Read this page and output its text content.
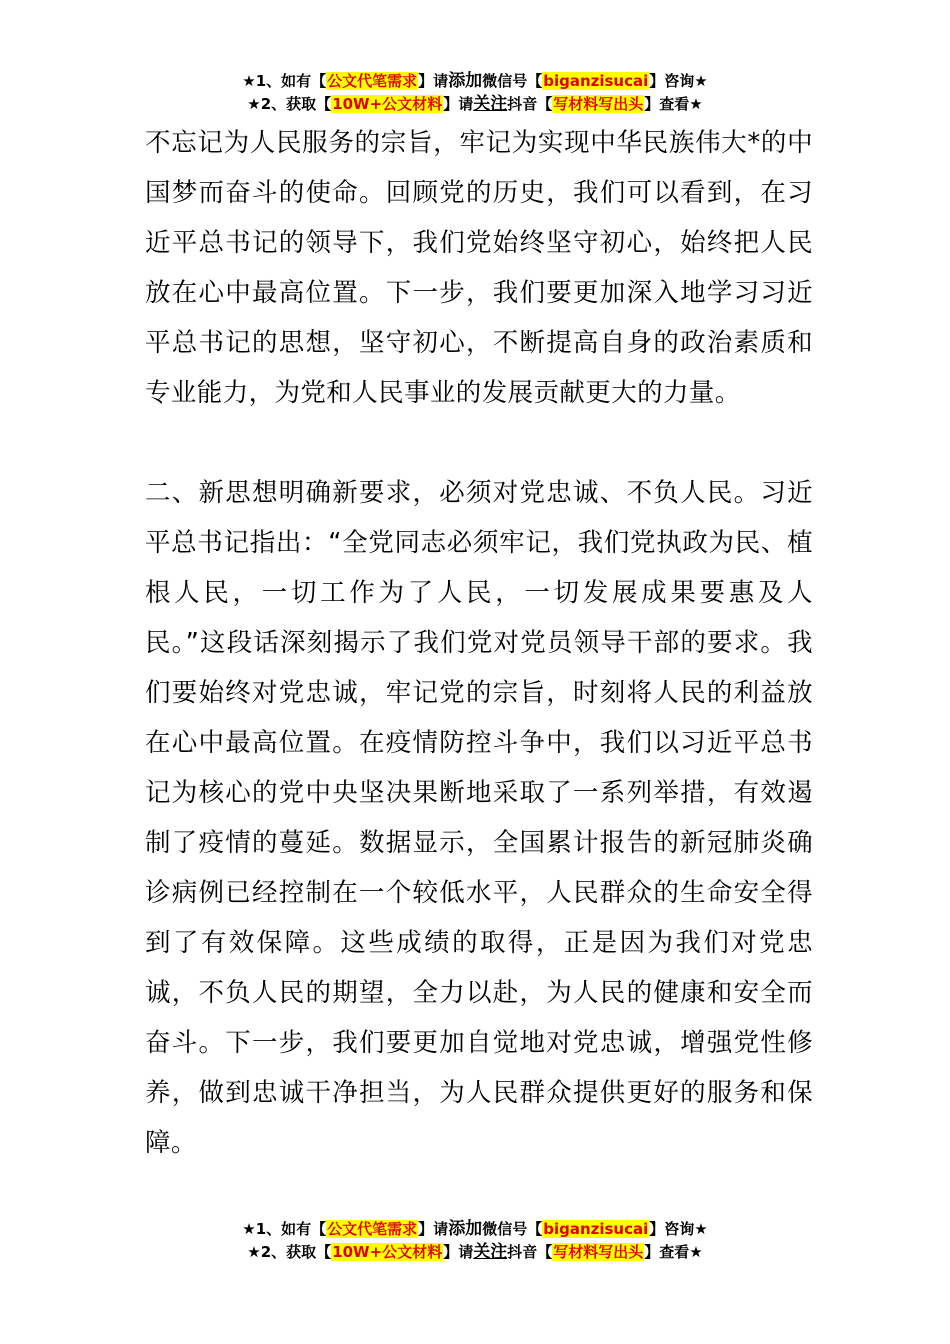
★1、如有【公文代笔需求】请添加微信号【biganzisucai】咨询★
★2、获取【10W+公文材料】请关注抖音【写材料写出头】查看★

不忘记为人民服务的宗旨，牢记为实现中华民族伟大*的中国梦而奋斗的使命。回顾党的历史，我们可以看到，在习近平总书记的领导下，我们党始终坚守初心，始终把人民放在心中最高位置。下一步，我们要更加深入地学习习近平总书记的思想，坚守初心，不断提高自身的政治素质和专业能力，为党和人民事业的发展贡献更大的力量。

二、新思想明确新要求，必须对党忠诚、不负人民。习近平总书记指出：“全党同志必须牢记，我们党执政为民、植根人民，一切工作为了人民，一切发展成果要惠及人民。”这段话深刻揭示了我们党对党员领导干部的要求。我们要始终对党忠诚，牢记党的宗旨，时刻将人民的利益放在心中最高位置。在疫情防控斗争中，我们以习近平总书记为核心的党中央坚决果断地采取了一系列举措，有效遏制了疫情的蔓延。数据显示，全国累计报告的新冠肺炎确诊病例已经控制在一个较低水平，人民群众的生命安全得到了有效保障。这些成绩的取得，正是因为我们对党忠诚，不负人民的期望，全力以赴，为人民的健康和安全而奋斗。下一步，我们要更加自觉地对党忠诚，增强党性修养，做到忠诚干净担当，为人民群众提供更好的服务和保障。

★1、如有【公文代笔需求】请添加微信号【biganzisucai】咨询★
★2、获取【10W+公文材料】请关注抖音【写材料写出头】查看★
